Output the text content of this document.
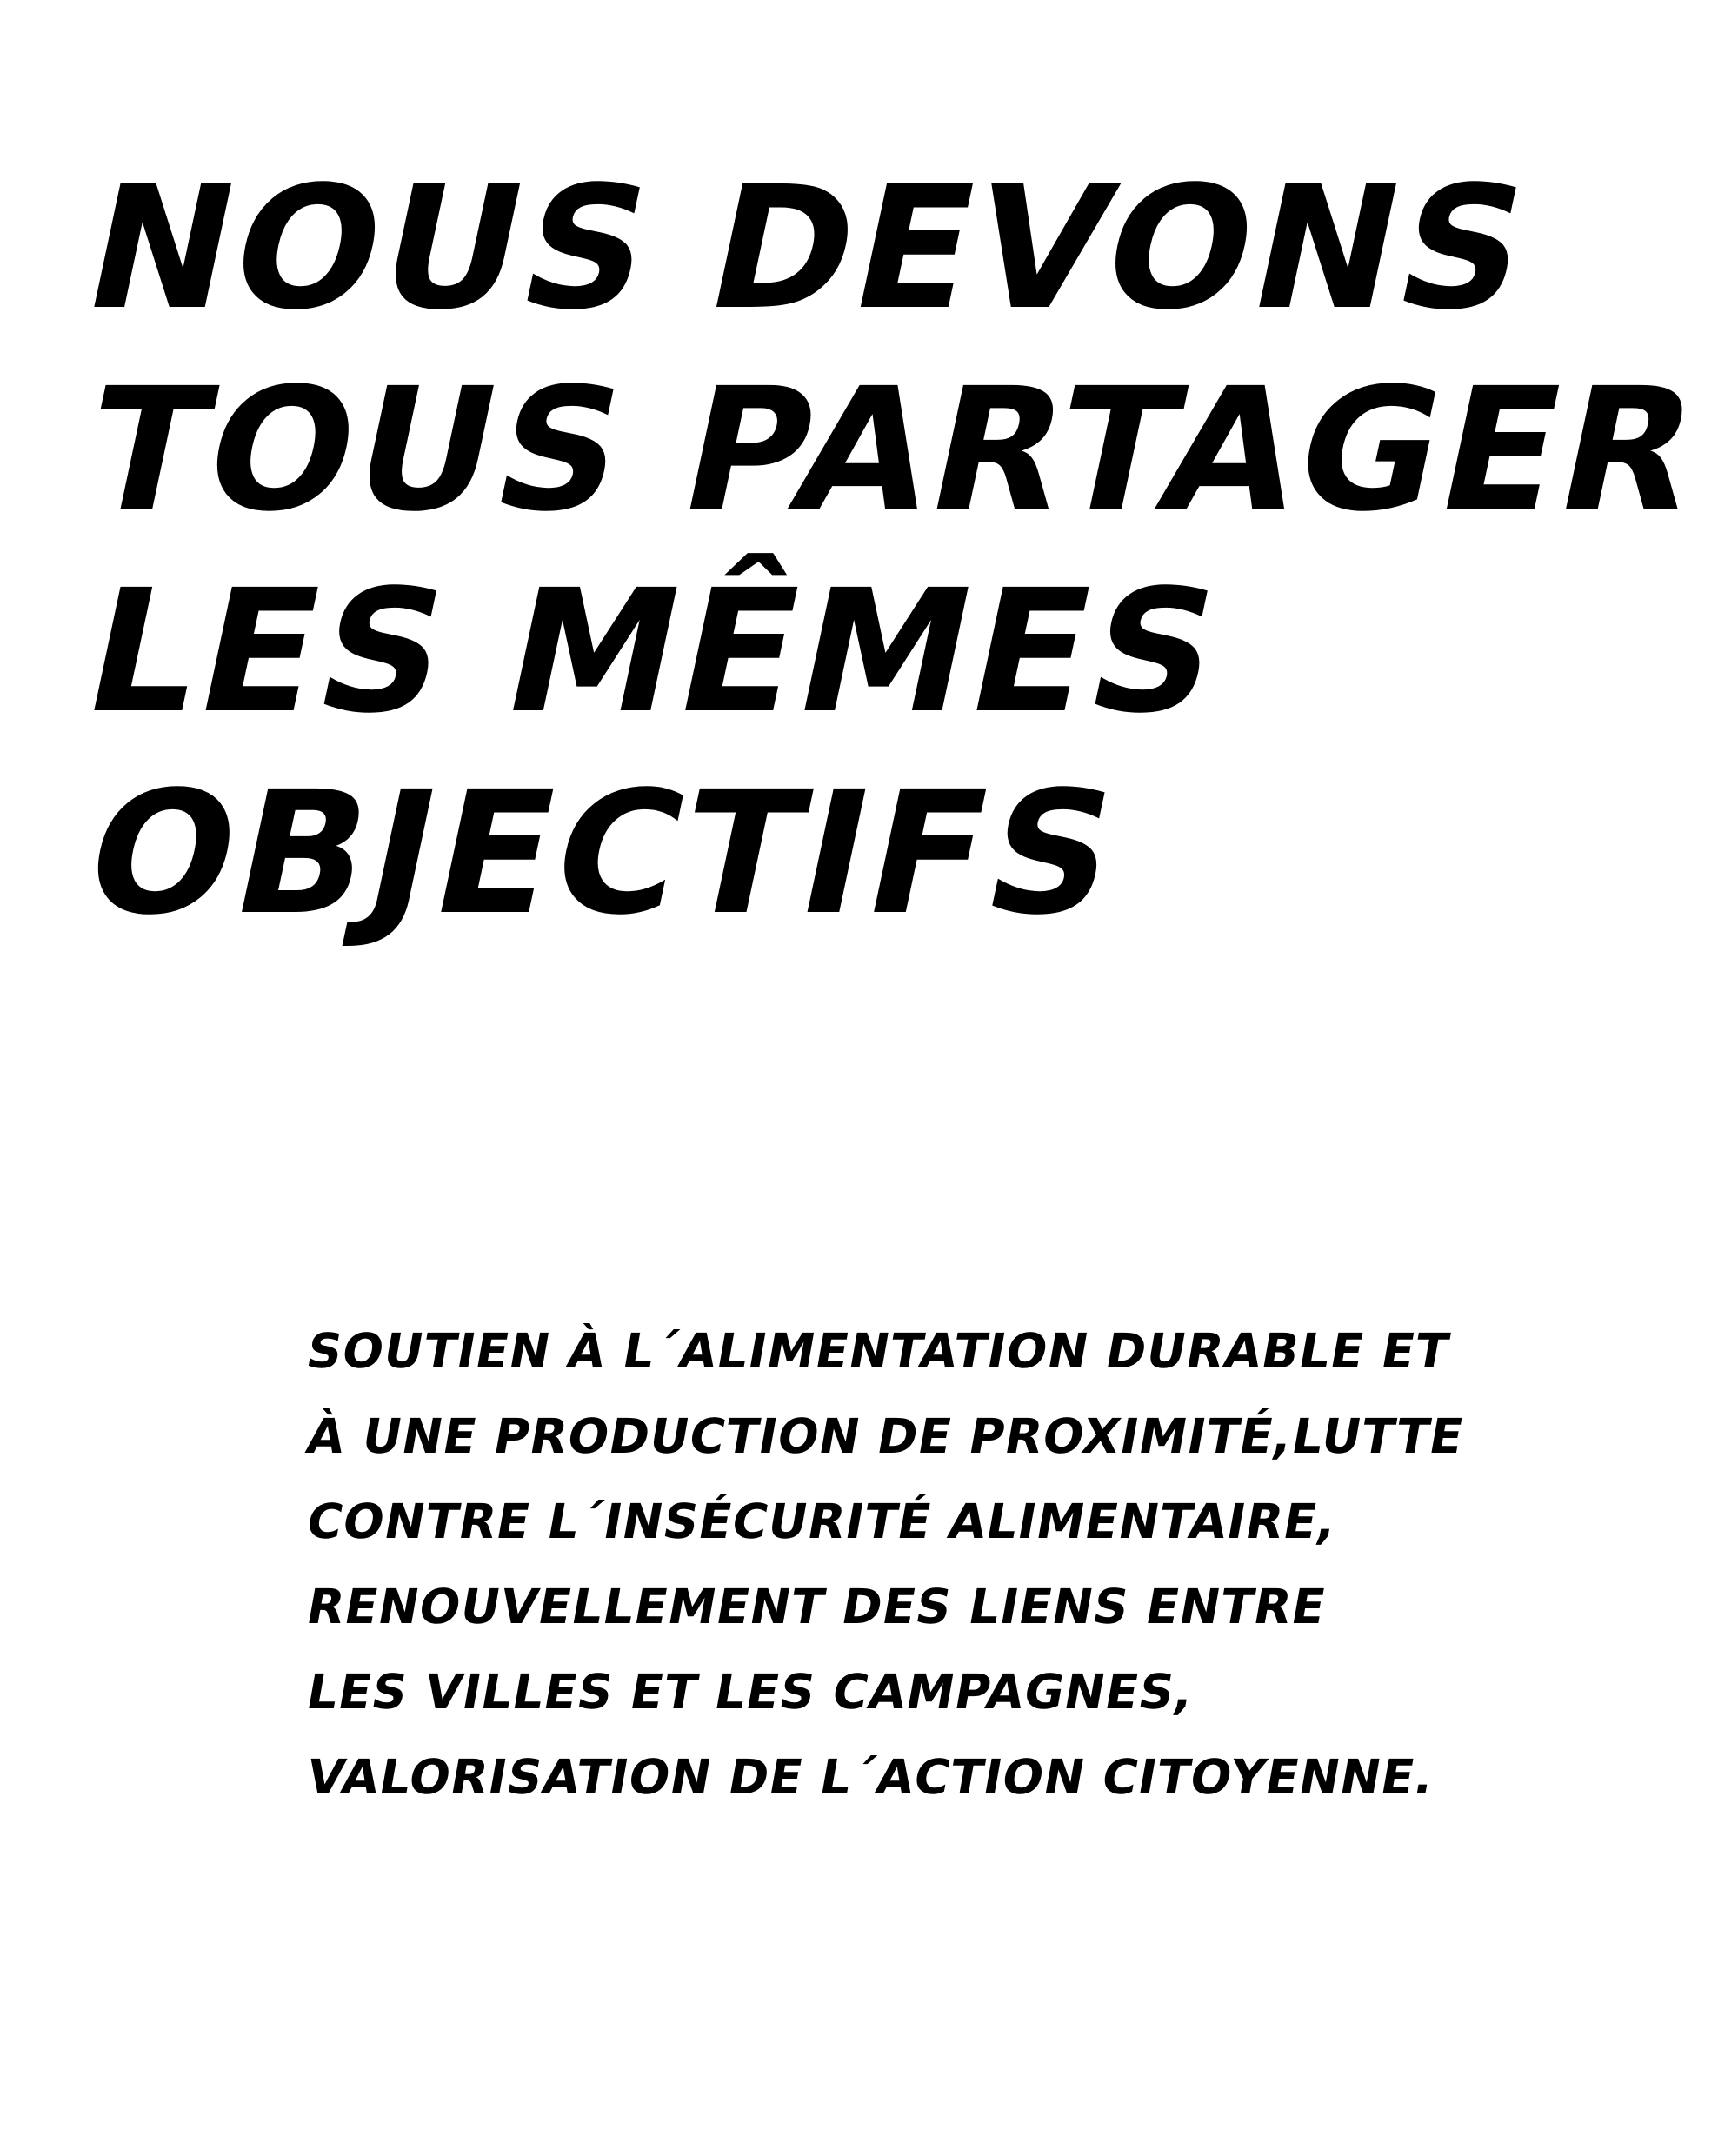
NOUS DEVONS
TOUS PARTAGER
LES MÊMES
OBJECTIFS

SOUTIEN À L´ALIMENTATION DURABLE ET
À UNE PRODUCTION DE PROXIMITÉ,LUTTE
CONTRE L´INSÉCURITÉ ALIMENTAIRE,
RENOUVELLEMENT DES LIENS ENTRE
LES VILLES ET LES CAMPAGNES,
VALORISATION DE L´ACTION CITOYENNE.
